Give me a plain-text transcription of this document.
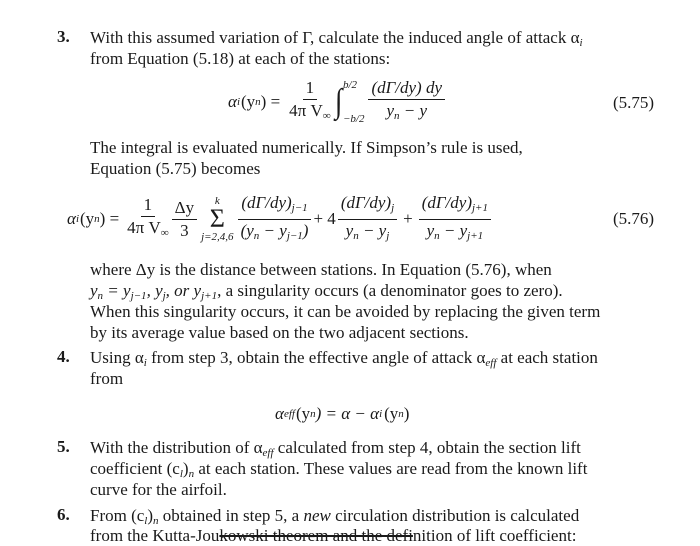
3. With this assumed variation of Γ, calculate the induced angle of attack $\alpha_i$
from Equation (5.18) at each of the stations:
α i (y n ) = $\frac{1}{4\pi V_\infty}$ ∫ b/2
$-b/2 \frac{(d\Gamma/dy) dy}{y_n - y}$	(5.75)
The integral is evaluated numerically. If Simpson’s rule is used,
Equation (5.75) becomes
α i (y n ) = $\frac{1}{4\pi V_\infty} \frac{\Delta y}{3}$ k
Σ
$j=2,4,6 \frac{(d\Gamma/dy)_{j-1}}{(y_n - y_{j-1})} + 4 \frac{(d\Gamma/dy)_j}{y_n - y_j} + \frac{(d\Gamma/dy)_{j+1}}{y_n - y_{j+1}}$	(5.76)
where Δy is the distance between stations. In Equation (5.76), when
$y_n = y_{j-1}$, $y_j$, or $y_{j+1}$, a singularity occurs (a denominator goes to zero).
When this singularity occurs, it can be avoided by replacing the given term
by its average value based on the two adjacent sections.
4. Using $\alpha_i$ from step 3, obtain the effective angle of attack $\alpha_{eff}$ at each station
from
α eff (y n ) = α − α i (y n )
5. With the distribution of $\alpha_{eff}$ calculated from step 4, obtain the section lift
coefficient $(c_l)_n$ at each station. These values are read from the known lift
curve for the airfoil.
6. From $(c_l)_n$ obtained in step 5, a new circulation distribution is calculated
from the Kutta-Joukowski theorem and the definition of lift coefficient:
